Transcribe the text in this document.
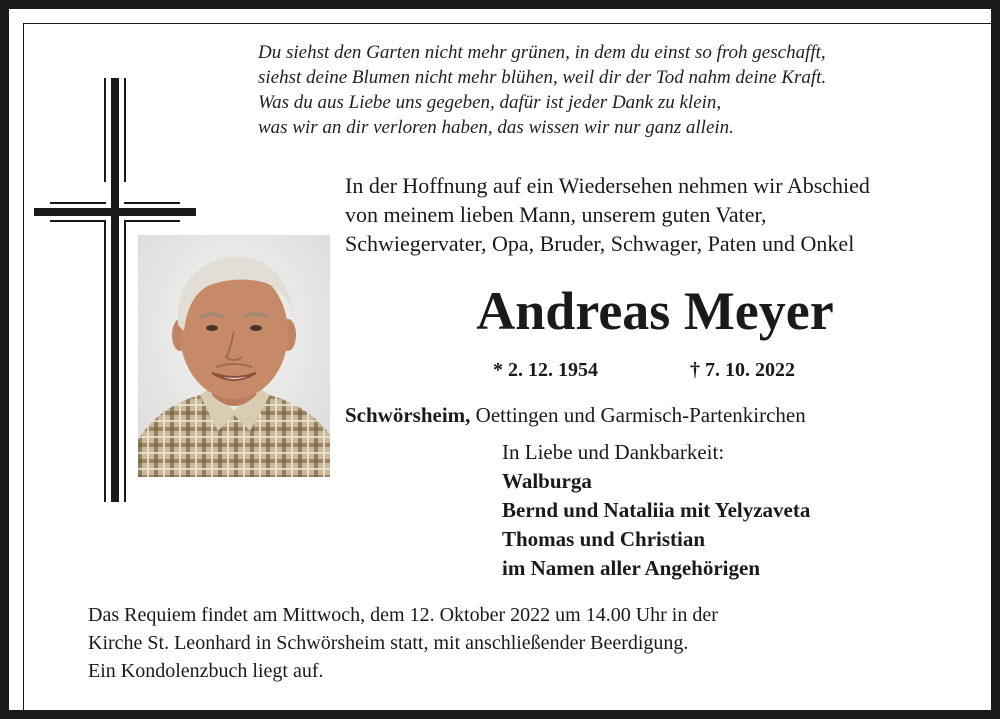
Du siehst den Garten nicht mehr grünen, in dem du einst so froh geschafft,
siehst deine Blumen nicht mehr blühen, weil dir der Tod nahm deine Kraft.
Was du aus Liebe uns gegeben, dafür ist jeder Dank zu klein,
was wir an dir verloren haben, das wissen wir nur ganz allein.
In der Hoffnung auf ein Wiedersehen nehmen wir Abschied
von meinem lieben Mann, unserem guten Vater,
Schwiegervater, Opa, Bruder, Schwager, Paten und Onkel
Andreas Meyer
* 2. 12. 1954	† 7. 10. 2022
Schwörsheim, Oettingen und Garmisch-Partenkirchen
In Liebe und Dankbarkeit:
Walburga
Bernd und Nataliia mit Yelyzaveta
Thomas und Christian
im Namen aller Angehörigen
Das Requiem findet am Mittwoch, dem 12. Oktober 2022 um 14.00 Uhr in der
Kirche St. Leonhard in Schwörsheim statt, mit anschließender Beerdigung.
Ein Kondolenzbuch liegt auf.
